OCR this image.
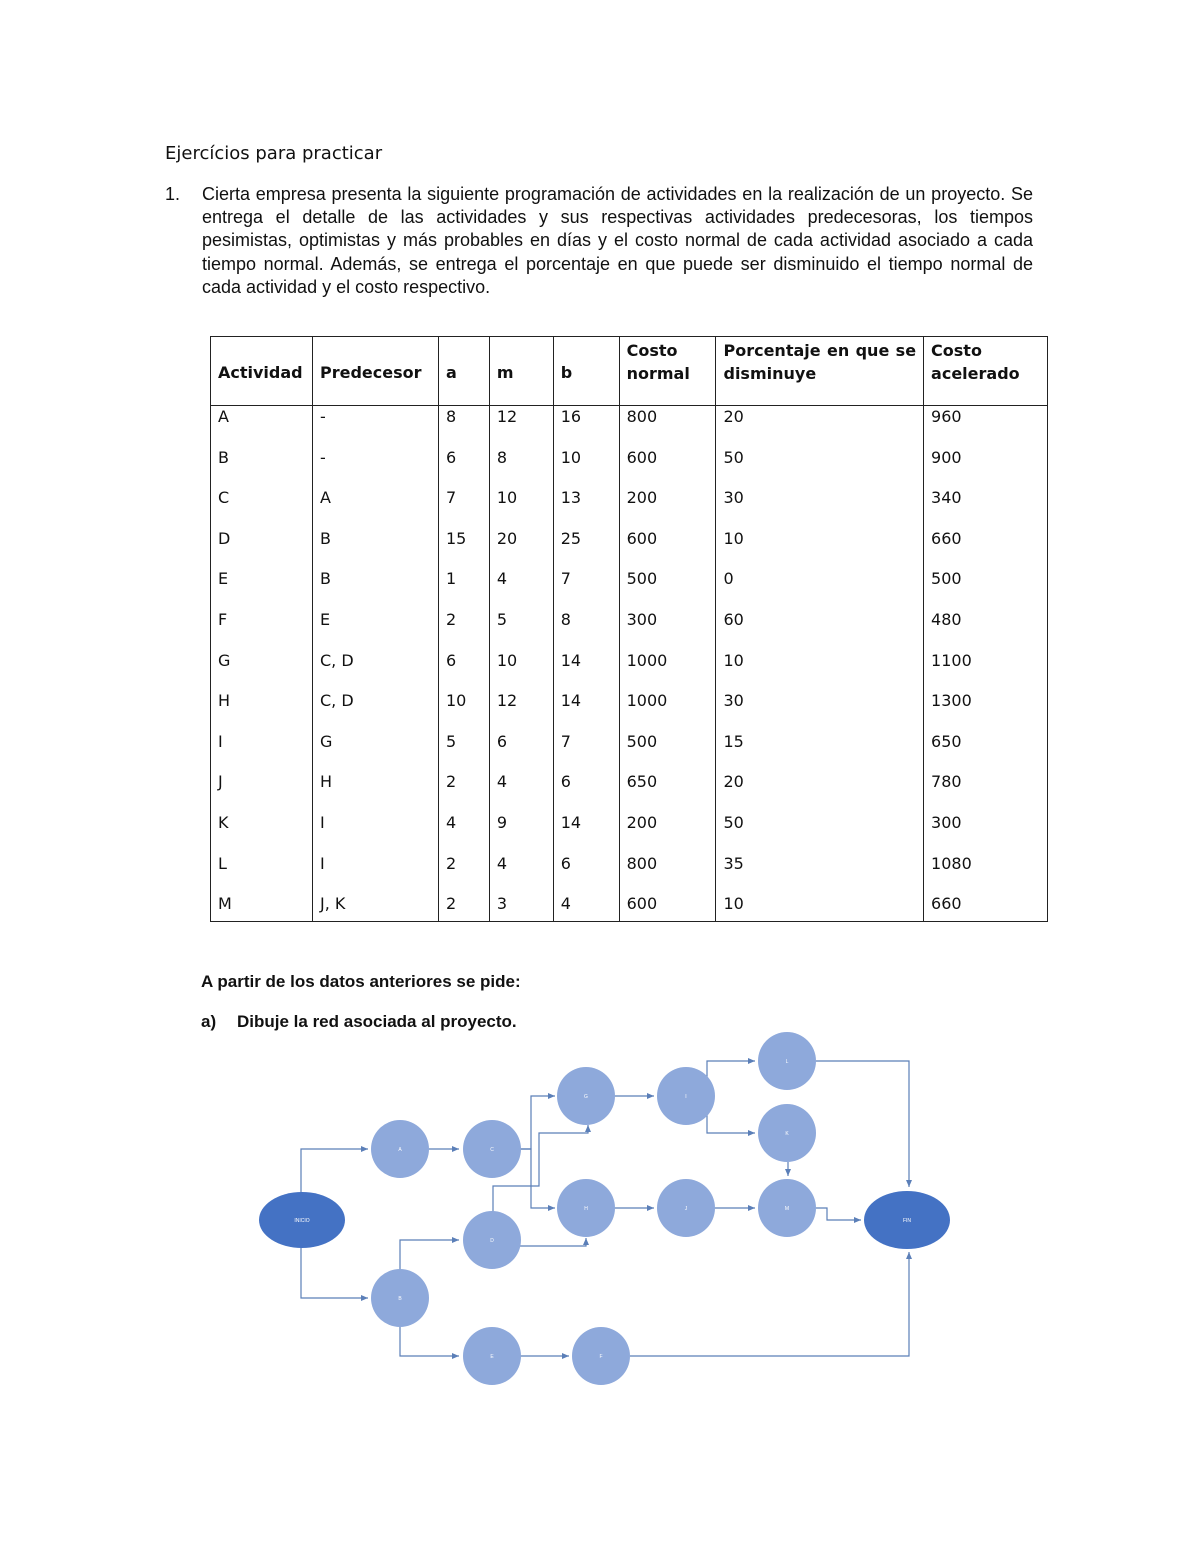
Ejercícios para practicar
1. Cierta empresa presenta la siguiente programación de actividades en la realización de un proyecto. Se entrega el detalle de las actividades y sus respectivas actividades predecesoras, los tiempos pesimistas, optimistas y más probables en días y el costo normal de cada actividad asociado a cada tiempo normal. Además, se entrega el porcentaje en que puede ser disminuido el tiempo normal de cada actividad y el costo respectivo.
Actividad	Predecesor	a	m	b	Costo normal	Porcentaje en que se disminuye	Costo acelerado
A	-	8	12	16	800	20	960
B	-	6	8	10	600	50	900
C	A	7	10	13	200	30	340
D	B	15	20	25	600	10	660
E	B	1	4	7	500	0	500
F	E	2	5	8	300	60	480
G	C, D	6	10	14	1000	10	1100
H	C, D	10	12	14	1000	30	1300
I	G	5	6	7	500	15	650
J	H	2	4	6	650	20	780
K	I	4	9	14	200	50	300
L	I	2	4	6	800	35	1080
M	J, K	2	3	4	600	10	660
A partir de los datos anteriores se pide:
a) Dibuje la red asociada al proyecto.
INICIO	FIN
A
B
C
D
E	F
G
H
I
J
L
K
M
